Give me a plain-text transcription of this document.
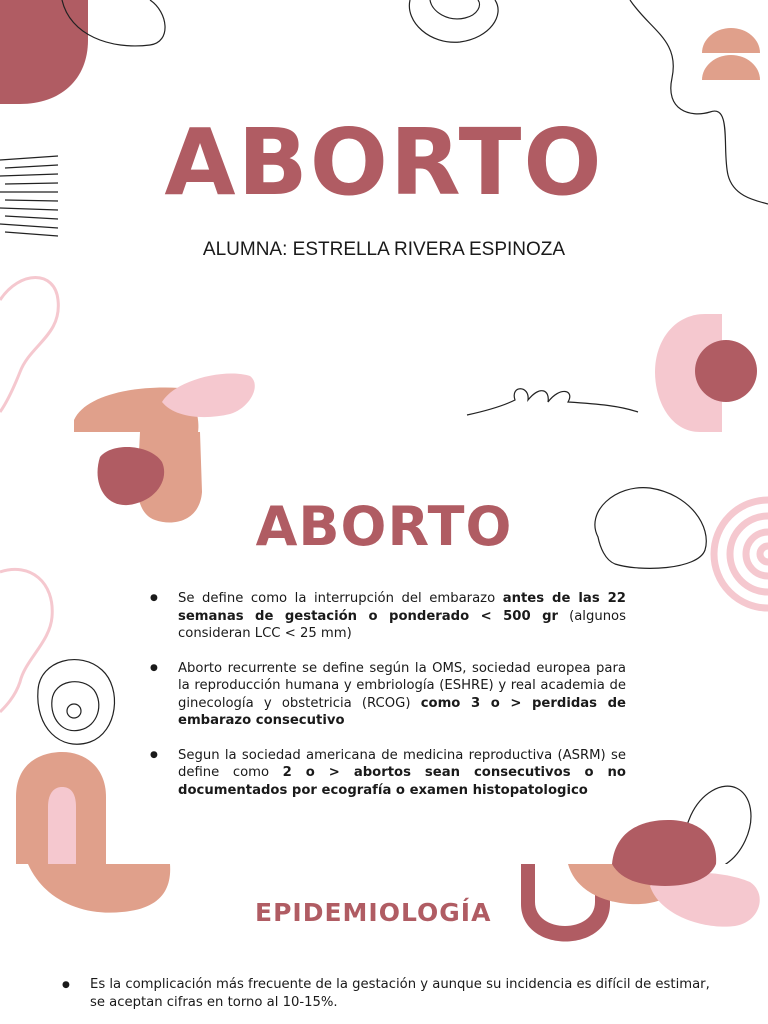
ABORTO

ALUMNA: ESTRELLA RIVERA ESPINOZA

ABORTO
● Se define como la interrupción del embarazo antes de las 22 semanas de gestación o ponderado < 500 gr (algunos consideran LCC < 25 mm)
● Aborto recurrente se define según la OMS, sociedad europea para la reproducción humana y embriología (ESHRE) y real academia de ginecología y obstetricia (RCOG) como 3 o > perdidas de embarazo consecutivo
● Segun la sociedad americana de medicina reproductiva (ASRM) se define como 2 o > abortos sean consecutivos o no documentados por ecografía o examen histopatologico
EPIDEMIOLOGÍA
● Es la complicación más frecuente de la gestación y aunque su incidencia es difícil de estimar, se aceptan cifras en torno al 10-15%.
